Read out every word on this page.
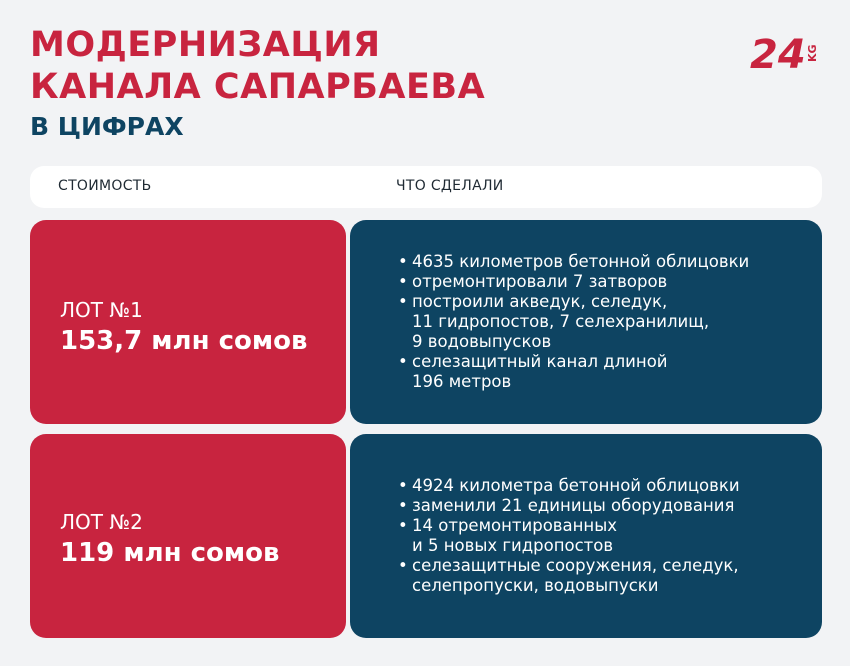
МОДЕРНИЗАЦИЯ
КАНАЛА САПАРБАЕВА
В ЦИФРАХ
24 KG
СТОИМОСТЬ	ЧТО СДЕЛАЛИ
ЛОТ №1
153,7 млн сомов
• 4635 километров бетонной облицовки
• отремонтировали 7 затворов
• построили акведук, селедук,
11 гидропостов, 7 селехранилищ,
9 водовыпусков
• селезащитный канал длиной
196 метров
ЛОТ №2
119 млн сомов
• 4924 километра бетонной облицовки
• заменили 21 единицы оборудования
• 14 отремонтированных
и 5 новых гидропостов
• селезащитные сооружения, селедук,
селепропуски, водовыпуски
